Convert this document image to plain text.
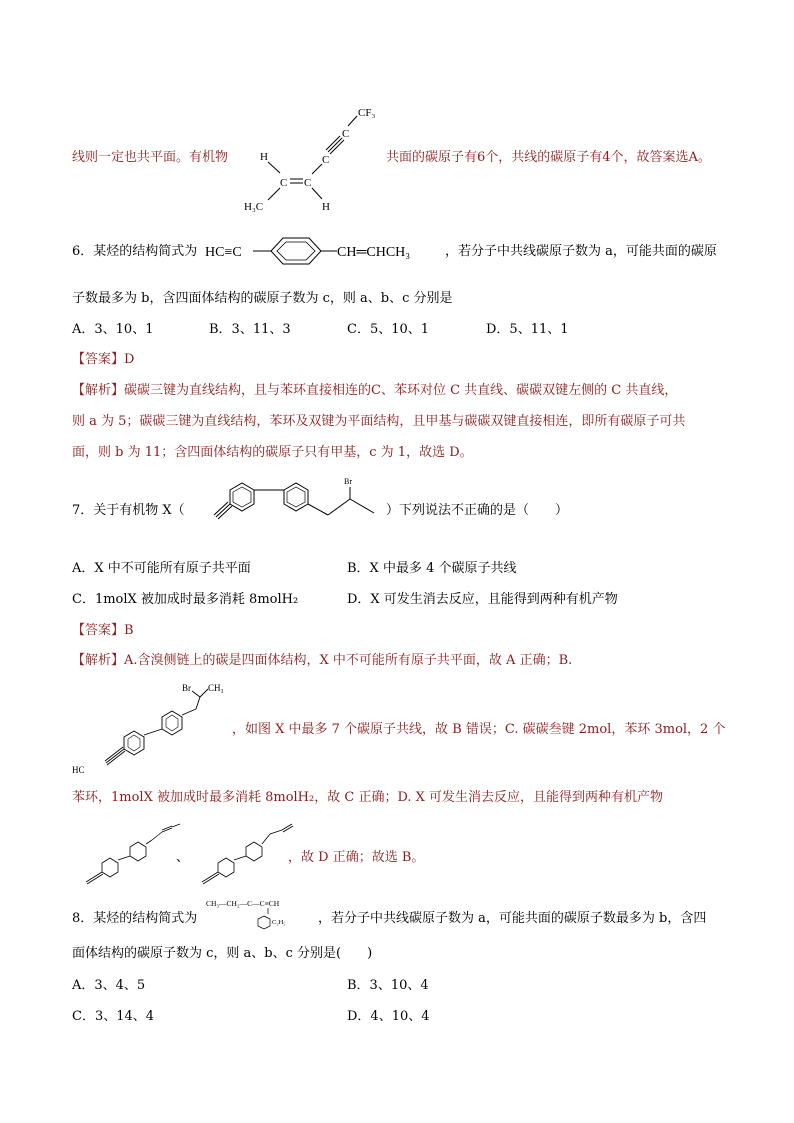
线则一定也共平面。有机物
CF₃
C
C
H
C C
H₃C	H
共面的碳原子有6个，共线的碳原子有4个，故答案选A。
6．某烃的结构简式为 HC≡C	CH═CHCH₃	，若分子中共线碳原子数为 a，可能共面的碳原
子数最多为 b，含四面体结构的碳原子数为 c，则 a、b、c 分别是
A．3、10、1	B．3、11、3	C．5、10、1	D．5、11、1
【答案】D
【解析】碳碳三键为直线结构，且与苯环直接相连的C、苯环对位 C 共直线、碳碳双键左侧的 C 共直线，
则 a 为 5；碳碳三键为直线结构，苯环及双键为平面结构，且甲基与碳碳双键直接相连，即所有碳原子可共
面，则 b 为 11；含四面体结构的碳原子只有甲基，c 为 1，故选 D。
7．关于有机物 X（
Br
）下列说法不正确的是（　　）
A．X 中不可能所有原子共平面	B．X 中最多 4 个碳原子共线
C．1molX 被加成时最多消耗 8molH₂	D．X 可发生消去反应，且能得到两种有机产物
【答案】B
【解析】A.含溴侧链上的碳是四面体结构，X 中不可能所有原子共平面，故 A 正确；B.
Br CH₃
HC
，如图 X 中最多 7 个碳原子共线，故 B 错误；C. 碳碳叁键 2mol，苯环 3mol，2 个
苯环，1molX 被加成时最多消耗 8molH₂，故 C 正确；D. X 可发生消去反应，且能得到两种有机产物
、	，故 D 正确；故选 B。
8．某烃的结构简式为
CH₃—CH₂—C—C≡CH
C₂H₅ ，若分子中共线碳原子数为 a，可能共面的碳原子数最多为 b，含四
面体结构的碳原子数为 c，则 a、b、c 分别是(　　)
A．3、4、5	B．3、10、4
C．3、14、4	D．4、10、4
